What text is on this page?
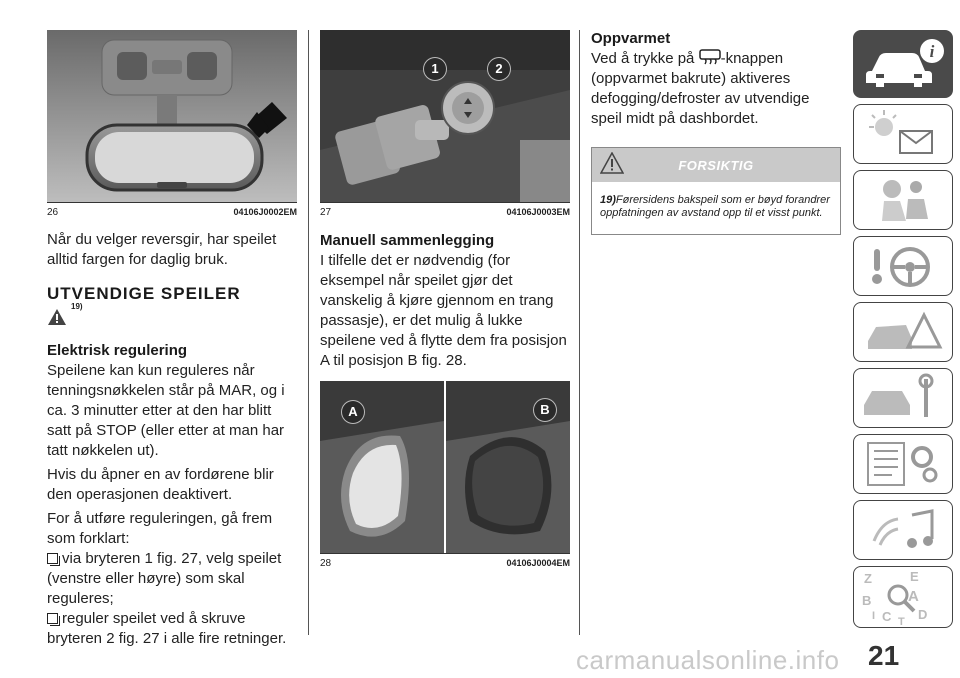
26	04106J0002EM

Når du velger reversgir, har speilet alltid fargen for daglig bruk.

UTVENDIGE SPEILER
19)
Elektrisk regulering

Speilene kan kun reguleres når tenningsnøkkelen står på MAR, og i ca. 3 minutter etter at den har blitt satt på STOP (eller etter at man har tatt nøkkelen ut).

Hvis du åpner en av fordørene blir den operasjonen deaktivert.

For å utføre reguleringen, gå frem som forklart:

via bryteren 1 fig. 27, velg speilet (venstre eller høyre) som skal reguleres;

reguler speilet ved å skruve bryteren 2 fig. 27 i alle fire retninger.

1	2
27	04106J0003EM
Manuell sammenlegging

I tilfelle det er nødvendig (for eksempel når speilet gjør det vanskelig å kjøre gjennom en trang passasje), er det mulig å lukke speilene ved å flytte dem fra posisjon A til posisjon B fig. 28.

A	B
28	04106J0004EM
Oppvarmet

Ved å trykke på -knappen (oppvarmet bakrute) aktiveres defogging/defroster av utvendige speil midt på dashbordet.

FORSIKTIG
19)Førersidens bakspeil som er bøyd forandrer oppfatningen av avstand opp til et visst punkt.
i
Z	E
B A
C D
T
I
21
carmanualsonline.info
